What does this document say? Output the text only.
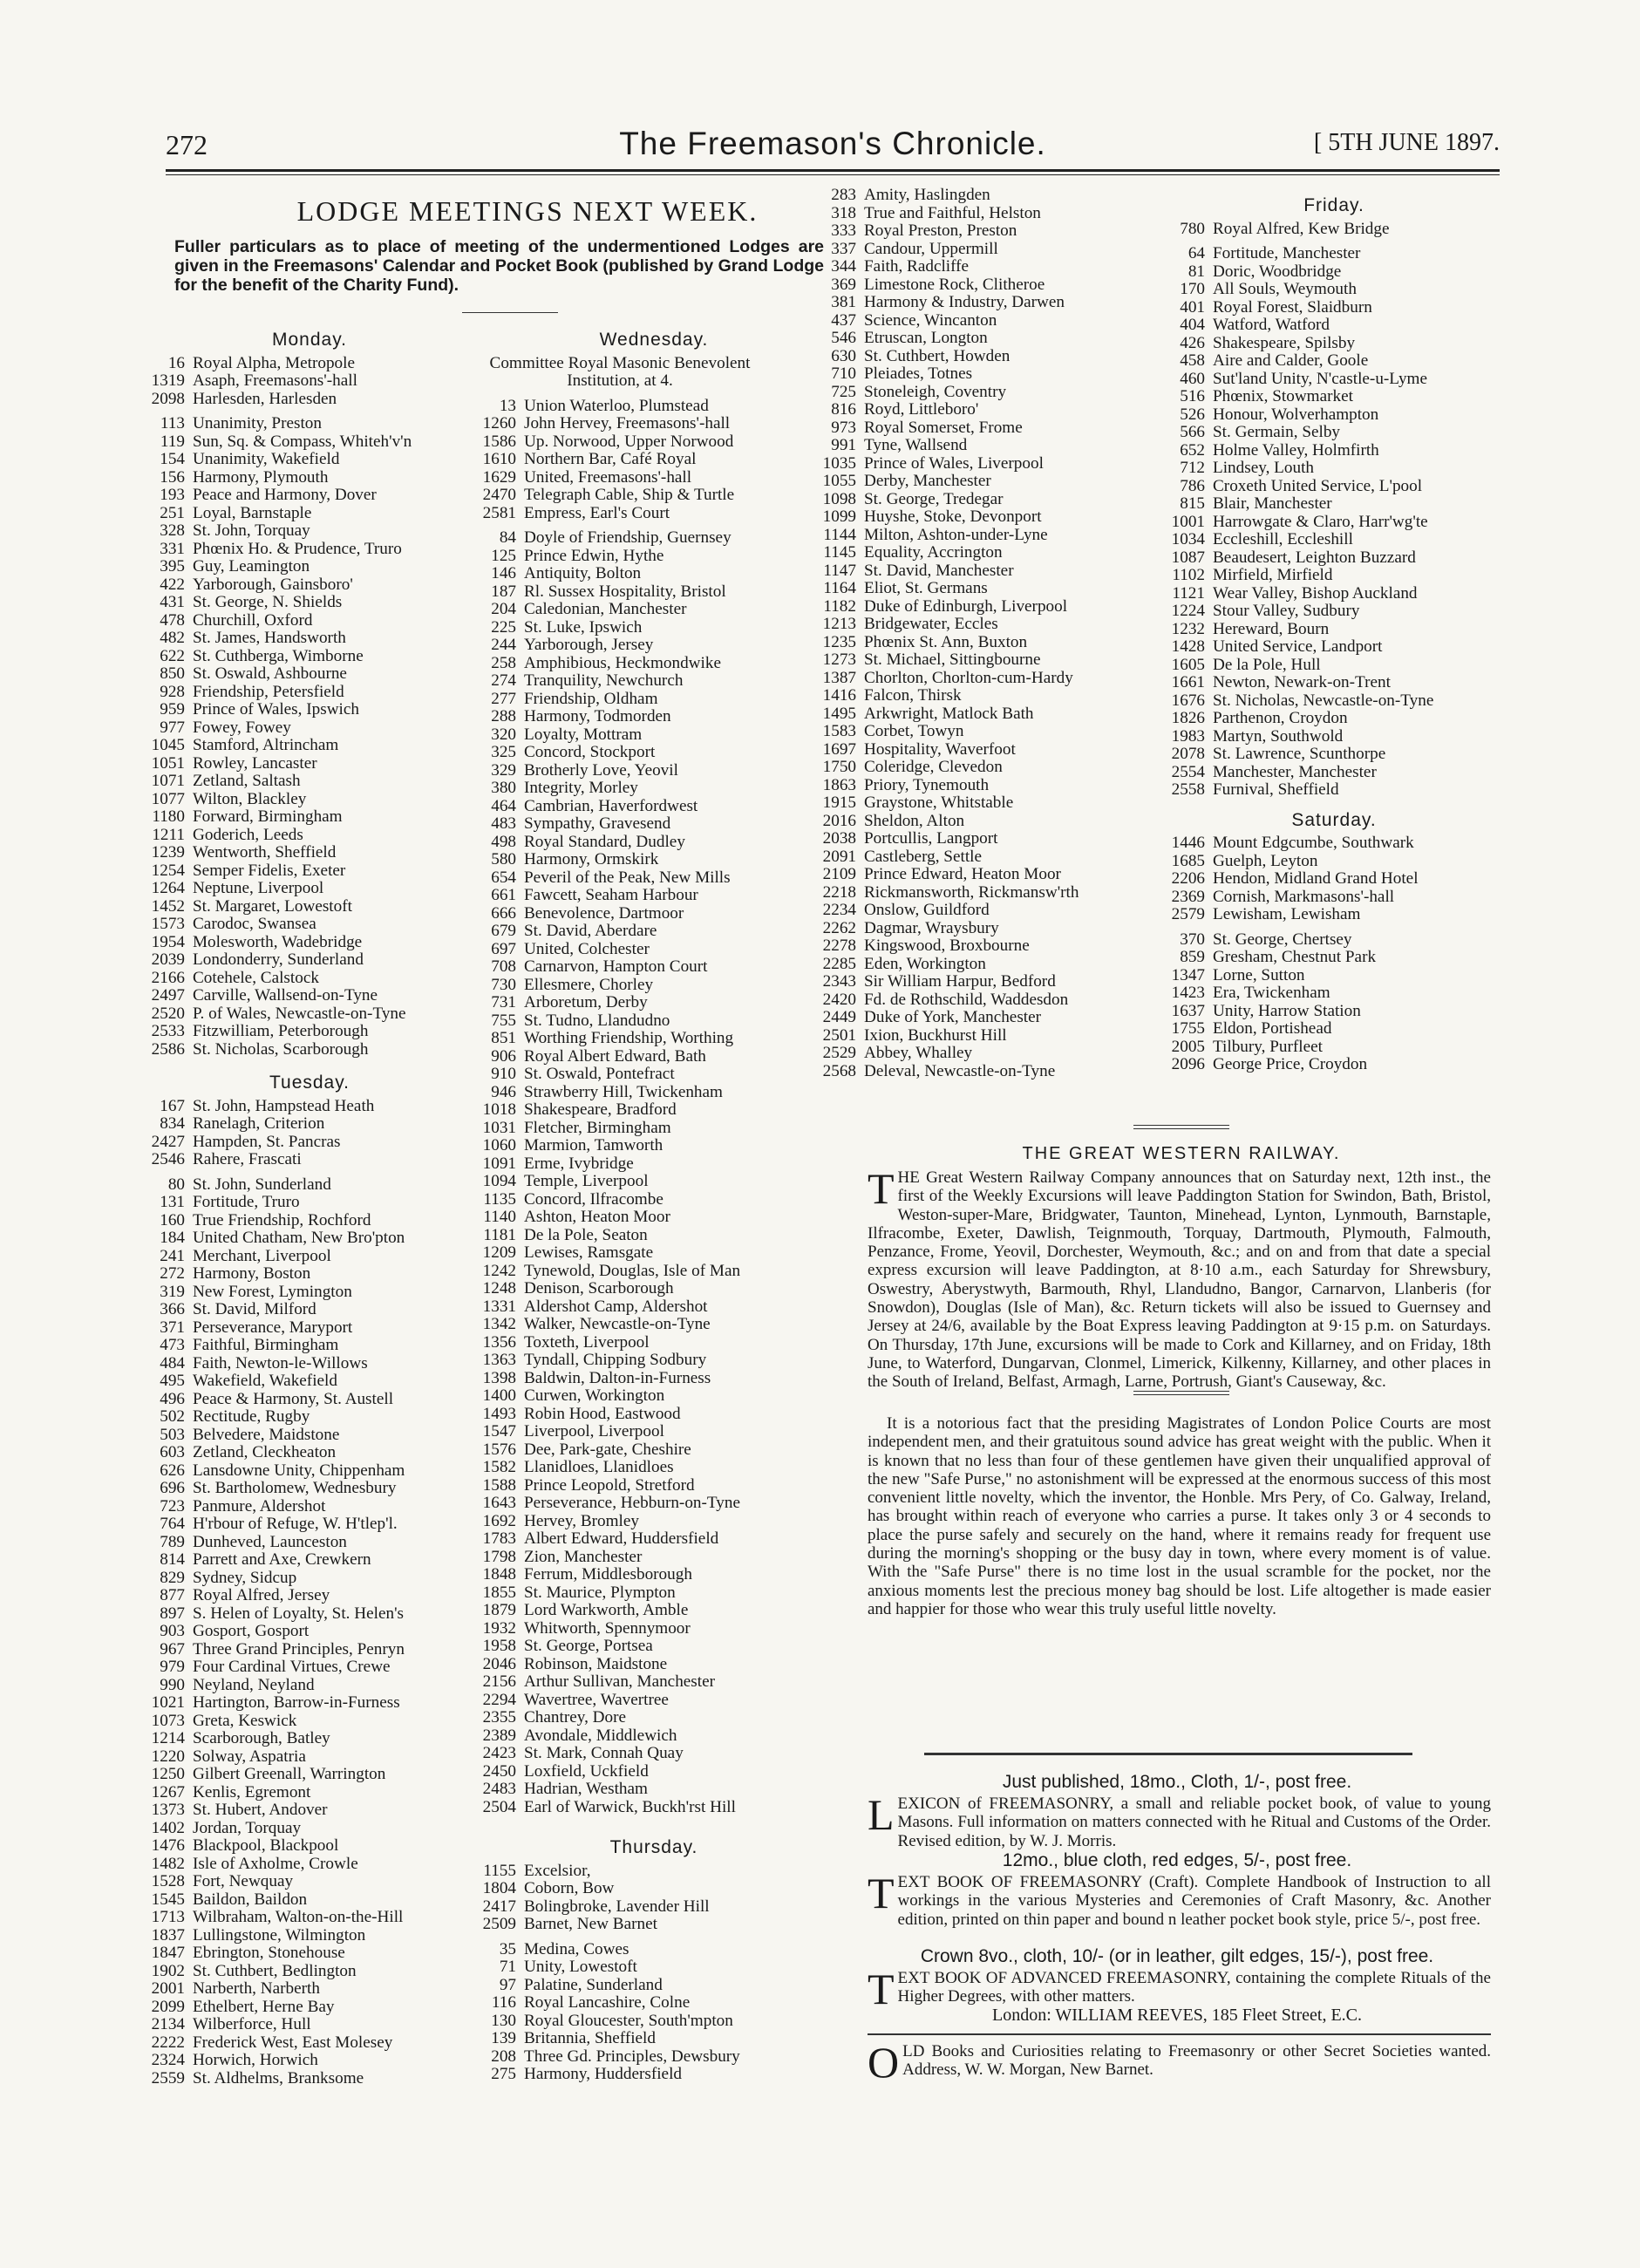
272	The Freemason's Chronicle.	[ 5TH JUNE 1897.
LODGE MEETINGS NEXT WEEK.
Fuller particulars as to place of meeting of the undermentioned Lodges are given in the Freemasons' Calendar and Pocket Book (published by Grand Lodge for the benefit of the Charity Fund).
Monday.
16 Royal Alpha, Metropole
1319 Asaph, Freemasons'-hall
2098 Harlesden, Harlesden
113 Unanimity, Preston
119 Sun, Sq. & Compass, Whiteh'v'n
154 Unanimity, Wakefield
156 Harmony, Plymouth
193 Peace and Harmony, Dover
251 Loyal, Barnstaple
328 St. John, Torquay
331 Phœnix Ho. & Prudence, Truro
395 Guy, Leamington
422 Yarborough, Gainsboro'
431 St. George, N. Shields
478 Churchill, Oxford
482 St. James, Handsworth
622 St. Cuthberga, Wimborne
850 St. Oswald, Ashbourne
928 Friendship, Petersfield
959 Prince of Wales, Ipswich
977 Fowey, Fowey
1045 Stamford, Altrincham
1051 Rowley, Lancaster
1071 Zetland, Saltash
1077 Wilton, Blackley
1180 Forward, Birmingham
1211 Goderich, Leeds
1239 Wentworth, Sheffield
1254 Semper Fidelis, Exeter
1264 Neptune, Liverpool
1452 St. Margaret, Lowestoft
1573 Carodoc, Swansea
1954 Molesworth, Wadebridge
2039 Londonderry, Sunderland
2166 Cotehele, Calstock
2497 Carville, Wallsend-on-Tyne
2520 P. of Wales, Newcastle-on-Tyne
2533 Fitzwilliam, Peterborough
2586 St. Nicholas, Scarborough
Tuesday.
167 St. John, Hampstead Heath
834 Ranelagh, Criterion
2427 Hampden, St. Pancras
2546 Rahere, Frascati
80 St. John, Sunderland
131 Fortitude, Truro
160 True Friendship, Rochford
184 United Chatham, New Bro'pton
241 Merchant, Liverpool
272 Harmony, Boston
319 New Forest, Lymington
366 St. David, Milford
371 Perseverance, Maryport
473 Faithful, Birmingham
484 Faith, Newton-le-Willows
495 Wakefield, Wakefield
496 Peace & Harmony, St. Austell
502 Rectitude, Rugby
503 Belvedere, Maidstone
603 Zetland, Cleckheaton
626 Lansdowne Unity, Chippenham
696 St. Bartholomew, Wednesbury
723 Panmure, Aldershot
764 H'rbour of Refuge, W. H'tlep'l.
789 Dunheved, Launceston
814 Parrett and Axe, Crewkern
829 Sydney, Sidcup
877 Royal Alfred, Jersey
897 S. Helen of Loyalty, St. Helen's
903 Gosport, Gosport
967 Three Grand Principles, Penryn
979 Four Cardinal Virtues, Crewe
990 Neyland, Neyland
1021 Hartington, Barrow-in-Furness
1073 Greta, Keswick
1214 Scarborough, Batley
1220 Solway, Aspatria
1250 Gilbert Greenall, Warrington
1267 Kenlis, Egremont
1373 St. Hubert, Andover
1402 Jordan, Torquay
1476 Blackpool, Blackpool
1482 Isle of Axholme, Crowle
1528 Fort, Newquay
1545 Baildon, Baildon
1713 Wilbraham, Walton-on-the-Hill
1837 Lullingstone, Wilmington
1847 Ebrington, Stonehouse
1902 St. Cuthbert, Bedlington
2001 Narberth, Narberth
2099 Ethelbert, Herne Bay
2134 Wilberforce, Hull
2222 Frederick West, East Molesey
2324 Horwich, Horwich
2559 St. Aldhelms, Branksome
Wednesday.
Committee Royal Masonic Benevolent Institution, at 4.
13 Union Waterloo, Plumstead
1260 John Hervey, Freemasons'-hall
1586 Up. Norwood, Upper Norwood
1610 Northern Bar, Café Royal
1629 United, Freemasons'-hall
2470 Telegraph Cable, Ship & Turtle
2581 Empress, Earl's Court
84 Doyle of Friendship, Guernsey
125 Prince Edwin, Hythe
146 Antiquity, Bolton
187 Rl. Sussex Hospitality, Bristol
204 Caledonian, Manchester
225 St. Luke, Ipswich
244 Yarborough, Jersey
258 Amphibious, Heckmondwike
274 Tranquility, Newchurch
277 Friendship, Oldham
288 Harmony, Todmorden
320 Loyalty, Mottram
325 Concord, Stockport
329 Brotherly Love, Yeovil
380 Integrity, Morley
464 Cambrian, Haverfordwest
483 Sympathy, Gravesend
498 Royal Standard, Dudley
580 Harmony, Ormskirk
654 Peveril of the Peak, New Mills
661 Fawcett, Seaham Harbour
666 Benevolence, Dartmoor
679 St. David, Aberdare
697 United, Colchester
708 Carnarvon, Hampton Court
730 Ellesmere, Chorley
731 Arboretum, Derby
755 St. Tudno, Llandudno
851 Worthing Friendship, Worthing
906 Royal Albert Edward, Bath
910 St. Oswald, Pontefract
946 Strawberry Hill, Twickenham
1018 Shakespeare, Bradford
1031 Fletcher, Birmingham
1060 Marmion, Tamworth
1091 Erme, Ivybridge
1094 Temple, Liverpool
1135 Concord, Ilfracombe
1140 Ashton, Heaton Moor
1181 De la Pole, Seaton
1209 Lewises, Ramsgate
1242 Tynewold, Douglas, Isle of Man
1248 Denison, Scarborough
1331 Aldershot Camp, Aldershot
1342 Walker, Newcastle-on-Tyne
1356 Toxteth, Liverpool
1363 Tyndall, Chipping Sodbury
1398 Baldwin, Dalton-in-Furness
1400 Curwen, Workington
1493 Robin Hood, Eastwood
1547 Liverpool, Liverpool
1576 Dee, Park-gate, Cheshire
1582 Llanidloes, Llanidloes
1588 Prince Leopold, Stretford
1643 Perseverance, Hebburn-on-Tyne
1692 Hervey, Bromley
1783 Albert Edward, Huddersfield
1798 Zion, Manchester
1848 Ferrum, Middlesborough
1855 St. Maurice, Plympton
1879 Lord Warkworth, Amble
1932 Whitworth, Spennymoor
1958 St. George, Portsea
2046 Robinson, Maidstone
2156 Arthur Sullivan, Manchester
2294 Wavertree, Wavertree
2355 Chantrey, Dore
2389 Avondale, Middlewich
2423 St. Mark, Connah Quay
2450 Loxfield, Uckfield
2483 Hadrian, Westham
2504 Earl of Warwick, Buckh'rst Hill
Thursday.
1155 Excelsior,
1804 Coborn, Bow
2417 Bolingbroke, Lavender Hill
2509 Barnet, New Barnet
35 Medina, Cowes
71 Unity, Lowestoft
97 Palatine, Sunderland
116 Royal Lancashire, Colne
130 Royal Gloucester, South'mpton
139 Britannia, Sheffield
208 Three Gd. Principles, Dewsbury
275 Harmony, Huddersfield
283 Amity, Haslingden
318 True and Faithful, Helston
333 Royal Preston, Preston
337 Candour, Uppermill
344 Faith, Radcliffe
369 Limestone Rock, Clitheroe
381 Harmony & Industry, Darwen
437 Science, Wincanton
546 Etruscan, Longton
630 St. Cuthbert, Howden
710 Pleiades, Totnes
725 Stoneleigh, Coventry
816 Royd, Littleboro'
973 Royal Somerset, Frome
991 Tyne, Wallsend
1035 Prince of Wales, Liverpool
1055 Derby, Manchester
1098 St. George, Tredegar
1099 Huyshe, Stoke, Devonport
1144 Milton, Ashton-under-Lyne
1145 Equality, Accrington
1147 St. David, Manchester
1164 Eliot, St. Germans
1182 Duke of Edinburgh, Liverpool
1213 Bridgewater, Eccles
1235 Phœnix St. Ann, Buxton
1273 St. Michael, Sittingbourne
1387 Chorlton, Chorlton-cum-Hardy
1416 Falcon, Thirsk
1495 Arkwright, Matlock Bath
1583 Corbet, Towyn
1697 Hospitality, Waverfoot
1750 Coleridge, Clevedon
1863 Priory, Tynemouth
1915 Graystone, Whitstable
2016 Sheldon, Alton
2038 Portcullis, Langport
2091 Castleberg, Settle
2109 Prince Edward, Heaton Moor
2218 Rickmansworth, Rickmansw'rth
2234 Onslow, Guildford
2262 Dagmar, Wraysbury
2278 Kingswood, Broxbourne
2285 Eden, Workington
2343 Sir William Harpur, Bedford
2420 Fd. de Rothschild, Waddesdon
2449 Duke of York, Manchester
2501 Ixion, Buckhurst Hill
2529 Abbey, Whalley
2568 Deleval, Newcastle-on-Tyne
Friday.
780 Royal Alfred, Kew Bridge
64 Fortitude, Manchester
81 Doric, Woodbridge
170 All Souls, Weymouth
401 Royal Forest, Slaidburn
404 Watford, Watford
426 Shakespeare, Spilsby
458 Aire and Calder, Goole
460 Sut'land Unity, N'castle-u-Lyme
516 Phœnix, Stowmarket
526 Honour, Wolverhampton
566 St. Germain, Selby
652 Holme Valley, Holmfirth
712 Lindsey, Louth
786 Croxeth United Service, L'pool
815 Blair, Manchester
1001 Harrowgate & Claro, Harr'wg'te
1034 Eccleshill, Eccleshill
1087 Beaudesert, Leighton Buzzard
1102 Mirfield, Mirfield
1121 Wear Valley, Bishop Auckland
1224 Stour Valley, Sudbury
1232 Hereward, Bourn
1428 United Service, Landport
1605 De la Pole, Hull
1661 Newton, Newark-on-Trent
1676 St. Nicholas, Newcastle-on-Tyne
1826 Parthenon, Croydon
1983 Martyn, Southwold
2078 St. Lawrence, Scunthorpe
2554 Manchester, Manchester
2558 Furnival, Sheffield
Saturday.
1446 Mount Edgcumbe, Southwark
1685 Guelph, Leyton
2206 Hendon, Midland Grand Hotel
2369 Cornish, Markmasons'-hall
2579 Lewisham, Lewisham
370 St. George, Chertsey
859 Gresham, Chestnut Park
1347 Lorne, Sutton
1423 Era, Twickenham
1637 Unity, Harrow Station
1755 Eldon, Portishead
2005 Tilbury, Purfleet
2096 George Price, Croydon
THE GREAT WESTERN RAILWAY.
THE Great Western Railway Company announces that on Saturday next, 12th inst., the first of the Weekly Excursions will leave Paddington Station for Swindon, Bath, Bristol, Weston-super-Mare, Bridgwater, Taunton, Minehead, Lynton, Lynmouth, Barnstaple, Ilfracombe, Exeter, Dawlish, Teignmouth, Torquay, Dartmouth, Plymouth, Falmouth, Penzance, Frome, Yeovil, Dorchester, Weymouth, &c.; and on and from that date a special express excursion will leave Paddington, at 8·10 a.m., each Saturday for Shrewsbury, Oswestry, Aberystwyth, Barmouth, Rhyl, Llandudno, Bangor, Carnarvon, Llanberis (for Snowdon), Douglas (Isle of Man), &c. Return tickets will also be issued to Guernsey and Jersey at 24/6, available by the Boat Express leaving Paddington at 9·15 p.m. on Saturdays. On Thursday, 17th June, excursions will be made to Cork and Killarney, and on Friday, 18th June, to Waterford, Dungarvan, Clonmel, Limerick, Kilkenny, Killarney, and other places in the South of Ireland, Belfast, Armagh, Larne, Portrush, Giant's Causeway, &c.
It is a notorious fact that the presiding Magistrates of London Police Courts are most independent men, and their gratuitous sound advice has great weight with the public. When it is known that no less than four of these gentlemen have given their unqualified approval of the new "Safe Purse," no astonishment will be expressed at the enormous success of this most convenient little novelty, which the inventor, the Honble. Mrs Pery, of Co. Galway, Ireland, has brought within reach of everyone who carries a purse. It takes only 3 or 4 seconds to place the purse safely and securely on the hand, where it remains ready for frequent use during the morning's shopping or the busy day in town, where every moment is of value. With the "Safe Purse" there is no time lost in the usual scramble for the pocket, nor the anxious moments lest the precious money bag should be lost. Life altogether is made easier and happier for those who wear this truly useful little novelty.
Just published, 18mo., Cloth, 1/-, post free.
LEXICON of FREEMASONRY, a small and reliable pocket book, of value to young Masons. Full information on matters connected with he Ritual and Customs of the Order. Revised edition, by W. J. Morris.
12mo., blue cloth, red edges, 5/-, post free.
TEXT BOOK OF FREEMASONRY (Craft). Complete Handbook of Instruction to all workings in the various Mysteries and Ceremonies of Craft Masonry, &c. Another edition, printed on thin paper and bound n leather pocket book style, price 5/-, post free.
Crown 8vo., cloth, 10/- (or in leather, gilt edges, 15/-), post free.
TEXT BOOK OF ADVANCED FREEMASONRY, containing the complete Rituals of the Higher Degrees, with other matters.
London: WILLIAM REEVES, 185 Fleet Street, E.C.
OLD Books and Curiosities relating to Freemasonry or other Secret Societies wanted. Address, W. W. Morgan, New Barnet.
